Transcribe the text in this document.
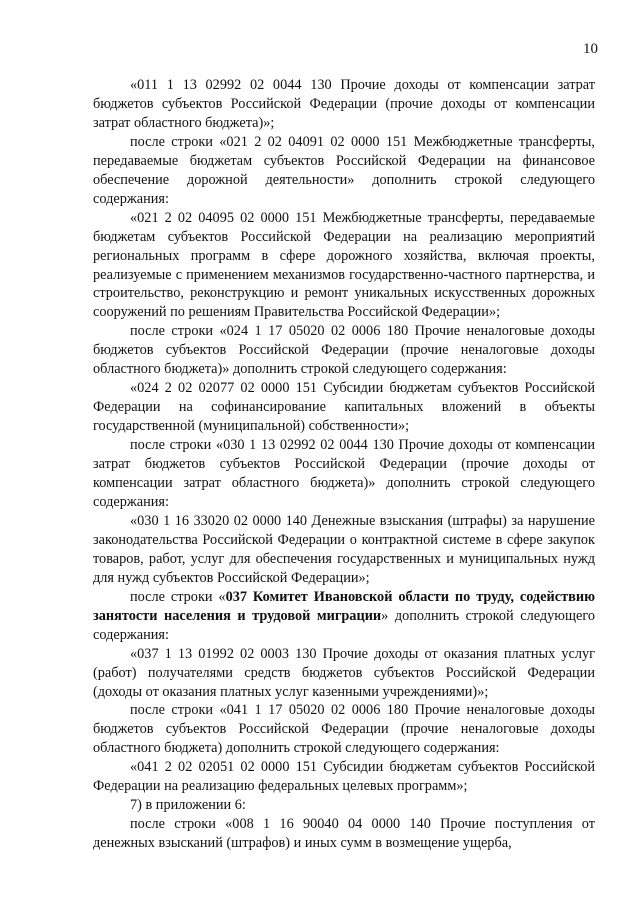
10

«011 1 13 02992 02 0044 130 Прочие доходы от компенсации затрат бюджетов субъектов Российской Федерации (прочие доходы от компенсации затрат областного бюджета)»;

после строки «021 2 02 04091 02 0000 151 Межбюджетные трансферты, передаваемые бюджетам субъектов Российской Федерации на финансовое обеспечение дорожной деятельности» дополнить строкой следующего содержания:

«021 2 02 04095 02 0000 151 Межбюджетные трансферты, передаваемые бюджетам субъектов Российской Федерации на реализацию мероприятий региональных программ в сфере дорожного хозяйства, включая проекты, реализуемые с применением механизмов государственно-частного партнерства, и строительство, реконструкцию и ремонт уникальных искусственных дорожных сооружений по решениям Правительства Российской Федерации»;

после строки «024 1 17 05020 02 0006 180 Прочие неналоговые доходы бюджетов субъектов Российской Федерации (прочие неналоговые доходы областного бюджета)» дополнить строкой следующего содержания:

«024 2 02 02077 02 0000 151 Субсидии бюджетам субъектов Российской Федерации на софинансирование капитальных вложений в объекты государственной (муниципальной) собственности»;

после строки «030 1 13 02992 02 0044 130 Прочие доходы от компенсации затрат бюджетов субъектов Российской Федерации (прочие доходы от компенсации затрат областного бюджета)» дополнить строкой следующего содержания:

«030 1 16 33020 02 0000 140 Денежные взыскания (штрафы) за нарушение законодательства Российской Федерации о контрактной системе в сфере закупок товаров, работ, услуг для обеспечения государственных и муниципальных нужд для нужд субъектов Российской Федерации»;

после строки «037 Комитет Ивановской области по труду, содействию занятости населения и трудовой миграции» дополнить строкой следующего содержания:

«037 1 13 01992 02 0003 130 Прочие доходы от оказания платных услуг (работ) получателями средств бюджетов субъектов Российской Федерации (доходы от оказания платных услуг казенными учреждениями)»;

после строки «041 1 17 05020 02 0006 180 Прочие неналоговые доходы бюджетов субъектов Российской Федерации (прочие неналоговые доходы областного бюджета) дополнить строкой следующего содержания:

«041 2 02 02051 02 0000 151 Субсидии бюджетам субъектов Российской Федерации на реализацию федеральных целевых программ»;

7) в приложении 6:

после строки «008 1 16 90040 04 0000 140 Прочие поступления от денежных взысканий (штрафов) и иных сумм в возмещение ущерба,
